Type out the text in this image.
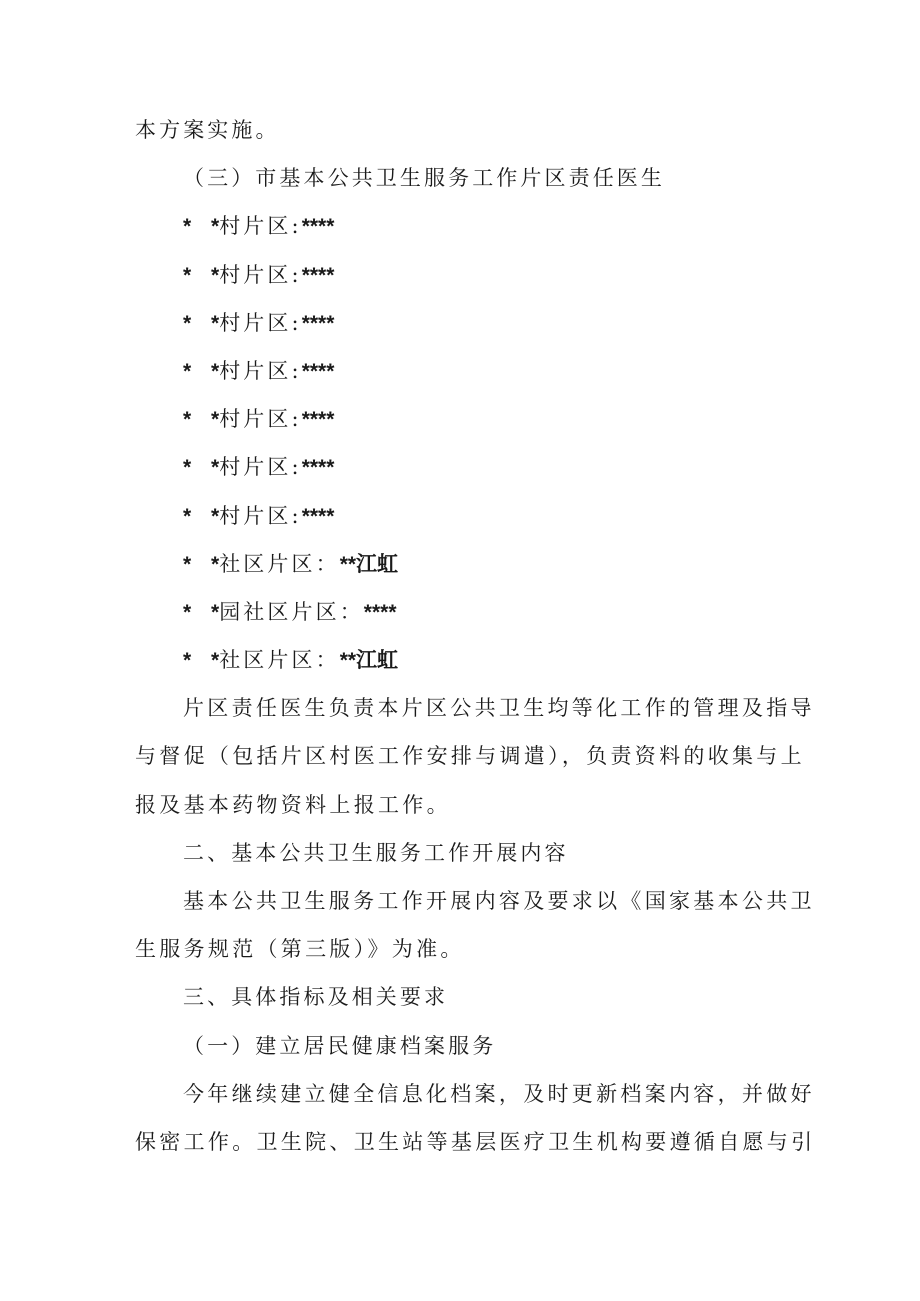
本方案实施。
（三）市基本公共卫生服务工作片区责任医生
* *村片区:****
* *村片区:****
* *村片区:****
* *村片区:****
* *村片区:****
* *村片区:****
* *村片区:****
* *社区片区：**江虹
* *园社区片区：****
* *社区片区：**江虹
片区责任医生负责本片区公共卫生均等化工作的管理及指导
与督促（包括片区村医工作安排与调遣），负责资料的收集与上
报及基本药物资料上报工作。
二、基本公共卫生服务工作开展内容
基本公共卫生服务工作开展内容及要求以《国家基本公共卫
生服务规范（第三版）》为准。
三、具体指标及相关要求
（一）建立居民健康档案服务
今年继续建立健全信息化档案，及时更新档案内容，并做好
保密工作。卫生院、卫生站等基层医疗卫生机构要遵循自愿与引
